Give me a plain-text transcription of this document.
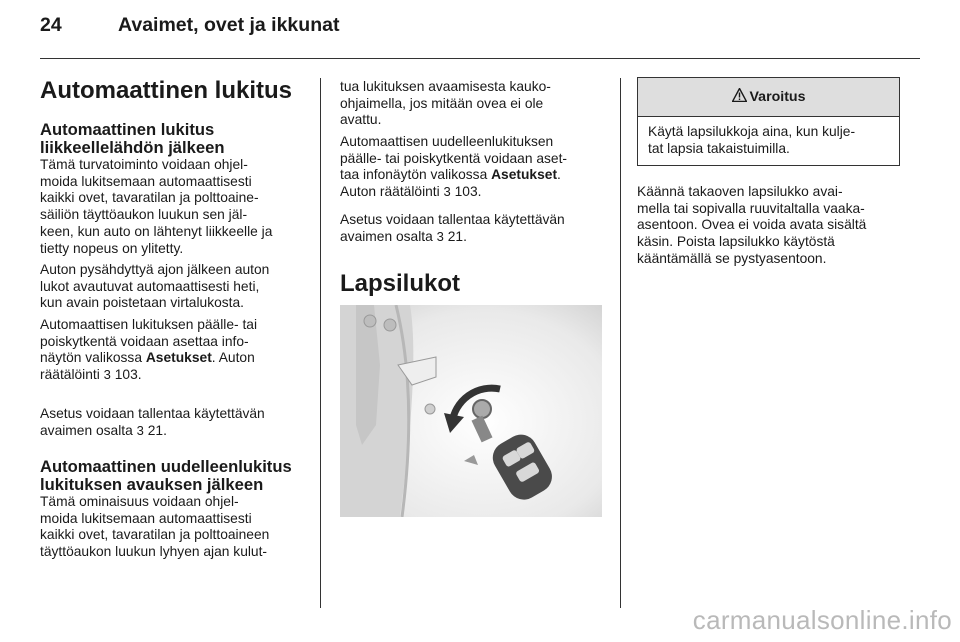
24	Avaimet, ovet ja ikkunat
Automaattinen lukitus
Automaattinen lukitus
liikkeellelähdön jälkeen

Tämä turvatoiminto voidaan ohjel-

moida lukitsemaan automaattisesti

kaikki ovet, tavaratilan ja polttoaine-

säiliön täyttöaukon luukun sen jäl-

keen, kun auto on lähtenyt liikkeelle ja

tietty nopeus on ylitetty.

Auton pysähdyttyä ajon jälkeen auton

lukot avautuvat automaattisesti heti,

kun avain poistetaan virtalukosta.

Automaattisen lukituksen päälle- tai

poiskytkentä voidaan asettaa info-

näytön valikossa Asetukset. Auton

räätälöinti 3 103.

Asetus voidaan tallentaa käytettävän

avaimen osalta 3 21.

Automaattinen uudelleenlukitus
lukituksen avauksen jälkeen

Tämä ominaisuus voidaan ohjel-

moida lukitsemaan automaattisesti

kaikki ovet, tavaratilan ja polttoaineen

täyttöaukon luukun lyhyen ajan kulut-

tua lukituksen avaamisesta kauko-

ohjaimella, jos mitään ovea ei ole

avattu.

Automaattisen uudelleenlukituksen

päälle- tai poiskytkentä voidaan aset-

taa infonäytön valikossa Asetukset.

Auton räätälöinti 3 103.

Asetus voidaan tallentaa käytettävän

avaimen osalta 3 21.

Lapsilukot
Varoitus

Käytä lapsilukkoja aina, kun kulje-

tat lapsia takaistuimilla.

Käännä takaoven lapsilukko avai-

mella tai sopivalla ruuvitaltalla vaaka-

asentoon. Ovea ei voida avata sisältä

käsin. Poista lapsilukko käytöstä

kääntämällä se pystyasentoon.

carmanualsonline.info
